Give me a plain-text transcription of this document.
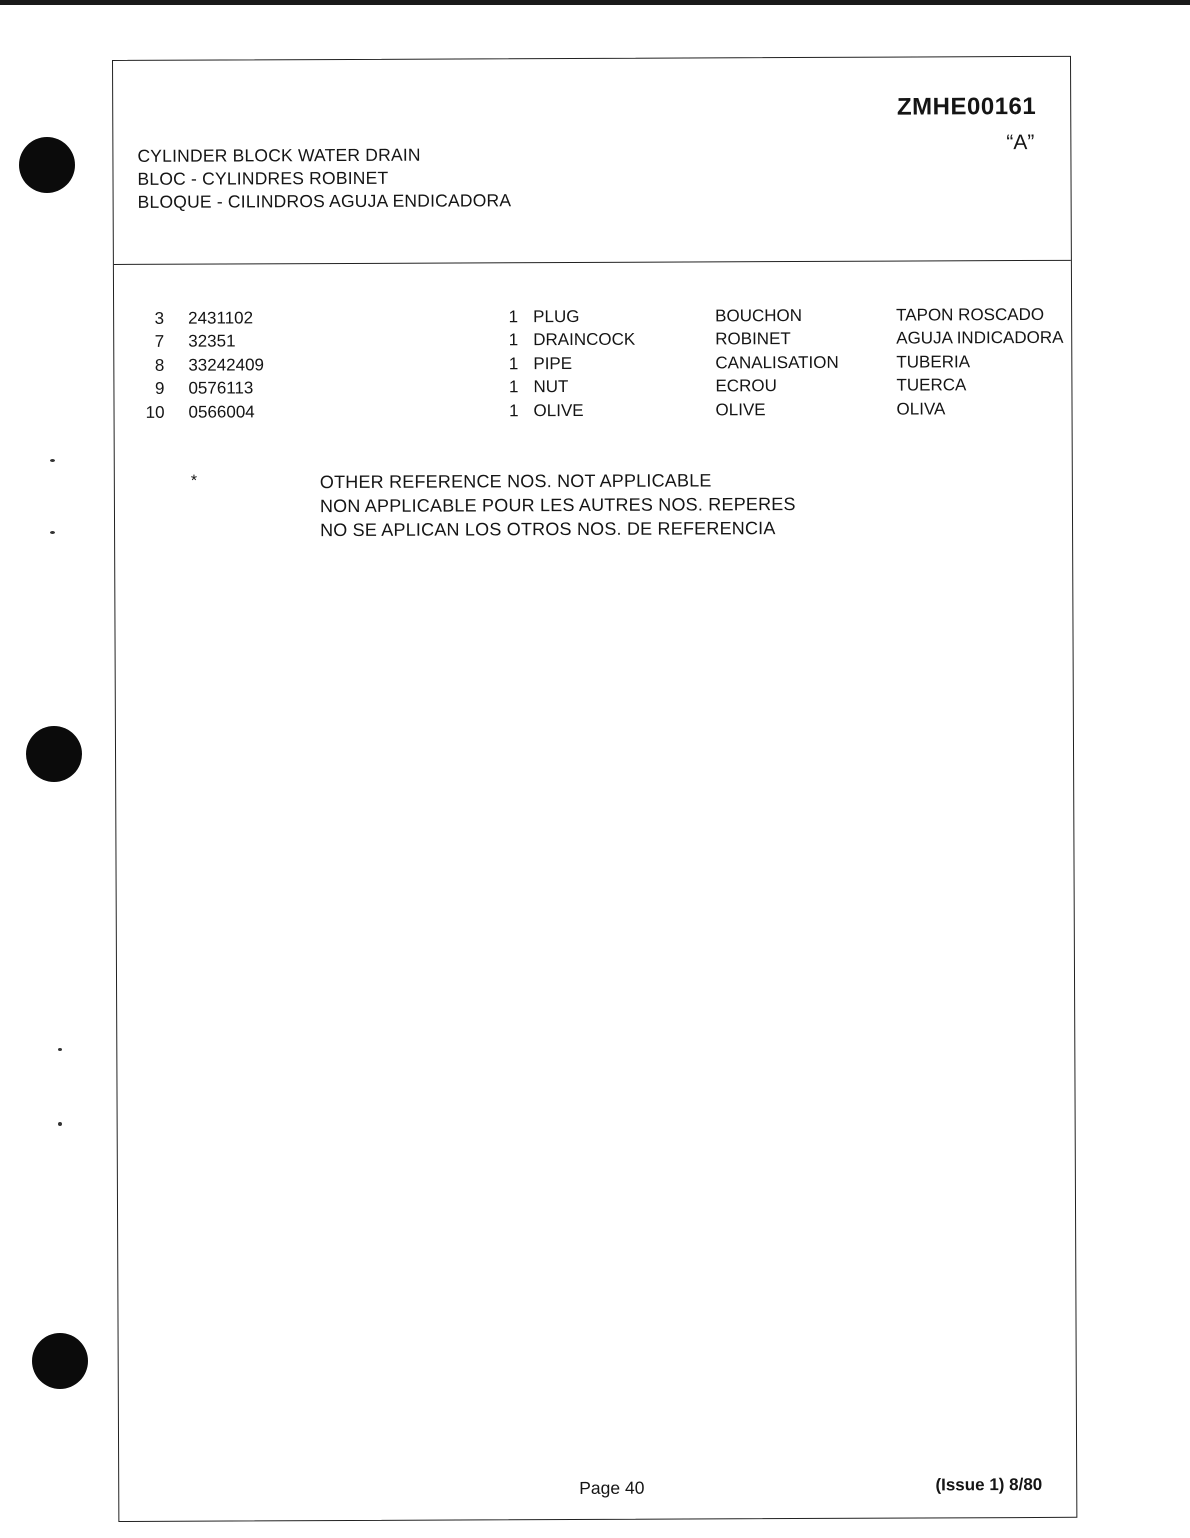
ZMHE00161
“A”
CYLINDER BLOCK WATER DRAIN
BLOC - CYLINDRES ROBINET
BLOQUE - CILINDROS AGUJA ENDICADORA
3 2431102	1 PLUG	BOUCHON	TAPON ROSCADO
7 32351	1 DRAINCOCK	ROBINET	AGUJA INDICADORA
8 33242409	1 PIPE	CANALISATION	TUBERIA
9 0576113	1 NUT	ECROU	TUERCA
10 0566004	1 OLIVE	OLIVE	OLIVA
*	OTHER REFERENCE NOS. NOT APPLICABLE
NON APPLICABLE POUR LES AUTRES NOS. REPERES
NO SE APLICAN LOS OTROS NOS. DE REFERENCIA
Page 40	(Issue 1) 8/80
